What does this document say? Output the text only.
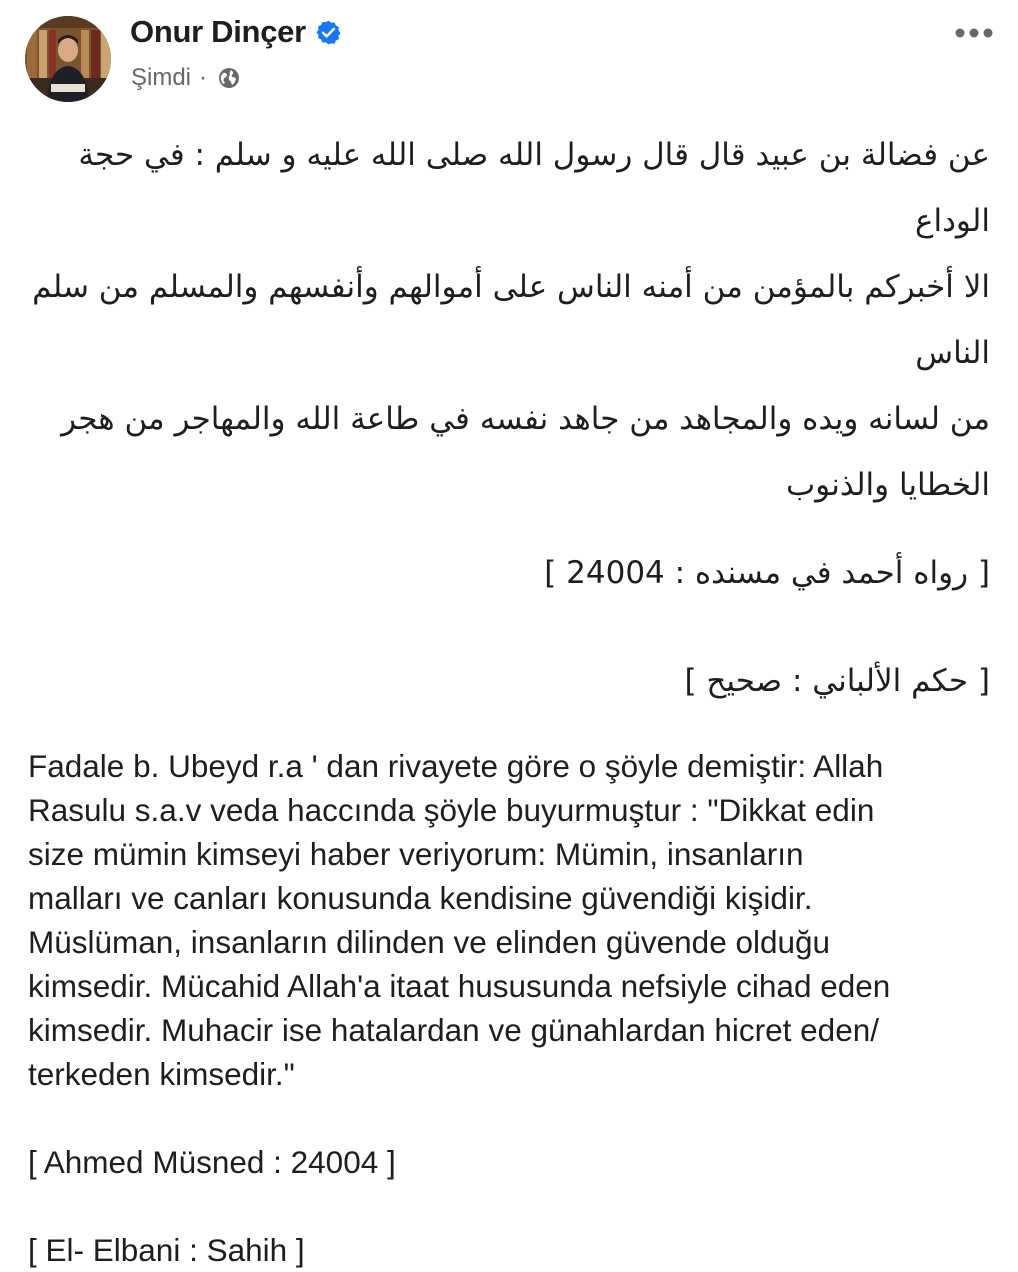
Onur Dinçer
Şimdi ·

عن فضالة بن عبيد قال قال رسول الله صلى الله عليه و سلم : في حجة الوداع

الا أخبركم بالمؤمن من أمنه الناس على أموالهم وأنفسهم والمسلم من سلم الناس

من لسانه ويده والمجاهد من جاهد نفسه في طاعة الله والمهاجر من هجر

الخطايا والذنوب

[ رواه أحمد في مسنده : 24004 ]

[ حكم الألباني : صحيح ]

Fadale b. Ubeyd r.a ' dan rivayete göre o şöyle demiştir: Allah

Rasulu s.a.v veda haccında şöyle buyurmuştur : "Dikkat edin

size mümin kimseyi haber veriyorum: Mümin, insanların

malları ve canları konusunda kendisine güvendiği kişidir.

Müslüman, insanların dilinden ve elinden güvende olduğu

kimsedir. Mücahid Allah'a itaat hususunda nefsiyle cihad eden

kimsedir. Muhacir ise hatalardan ve günahlardan hicret eden/

terkeden kimsedir."

[ Ahmed Müsned : 24004 ]

[ El- Elbani : Sahih ]
